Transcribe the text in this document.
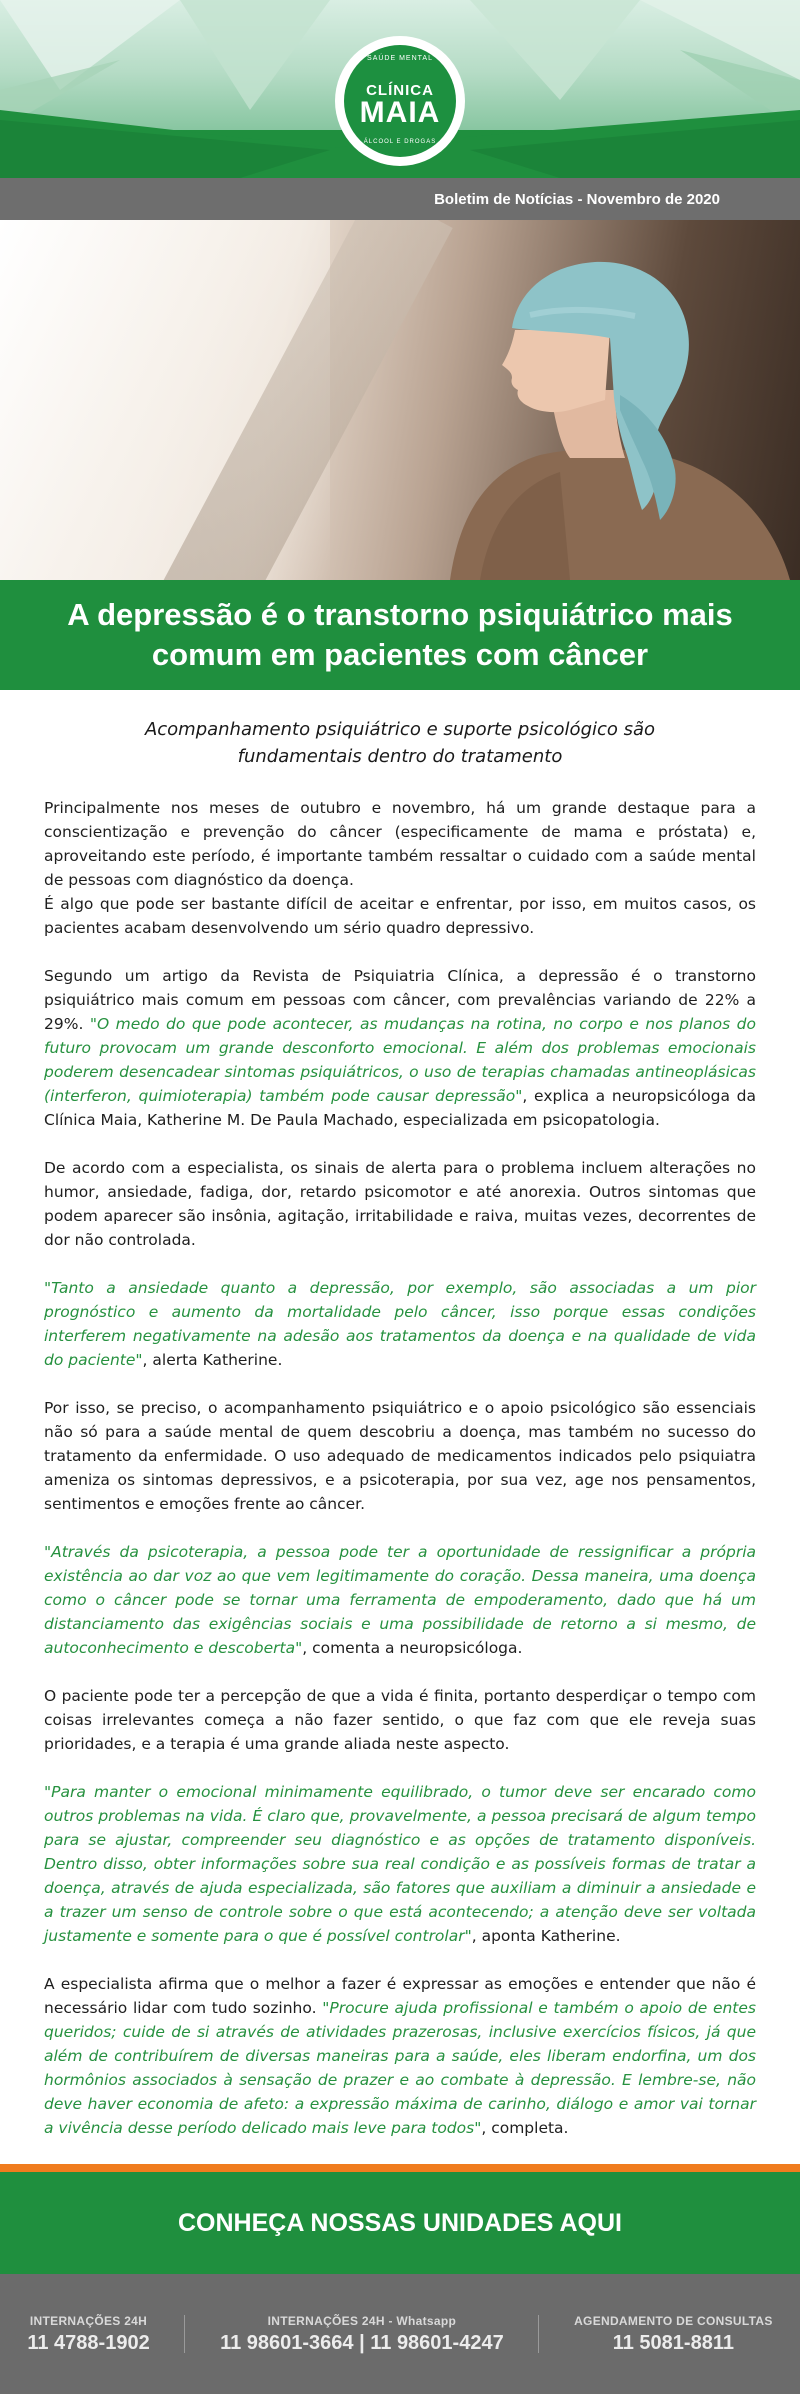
SAÚDE MENTAL
CLÍNICA
MAIA
ÁLCOOL E DROGAS
Boletim de Notícias - Novembro de 2020
A depressão é o transtorno psiquiátrico mais comum em pacientes com câncer

Acompanhamento psiquiátrico e suporte psicológico são fundamentais dentro do tratamento

Principalmente nos meses de outubro e novembro, há um grande destaque para a conscientização e prevenção do câncer (especificamente de mama e próstata) e, aproveitando este período, é importante também ressaltar o cuidado com a saúde mental de pessoas com diagnóstico da doença.
É algo que pode ser bastante difícil de aceitar e enfrentar, por isso, em muitos casos, os pacientes acabam desenvolvendo um sério quadro depressivo.

Segundo um artigo da Revista de Psiquiatria Clínica, a depressão é o transtorno psiquiátrico mais comum em pessoas com câncer, com prevalências variando de 22% a 29%. "O medo do que pode acontecer, as mudanças na rotina, no corpo e nos planos do futuro provocam um grande desconforto emocional. E além dos problemas emocionais poderem desencadear sintomas psiquiátricos, o uso de terapias chamadas antineoplásicas (interferon, quimioterapia) também pode causar depressão", explica a neuropsicóloga da Clínica Maia, Katherine M. De Paula Machado, especializada em psicopatologia.

De acordo com a especialista, os sinais de alerta para o problema incluem alterações no humor, ansiedade, fadiga, dor, retardo psicomotor e até anorexia. Outros sintomas que podem aparecer são insônia, agitação, irritabilidade e raiva, muitas vezes, decorrentes de dor não controlada.

"Tanto a ansiedade quanto a depressão, por exemplo, são associadas a um pior prognóstico e aumento da mortalidade pelo câncer, isso porque essas condições interferem negativamente na adesão aos tratamentos da doença e na qualidade de vida do paciente", alerta Katherine.

Por isso, se preciso, o acompanhamento psiquiátrico e o apoio psicológico são essenciais não só para a saúde mental de quem descobriu a doença, mas também no sucesso do tratamento da enfermidade. O uso adequado de medicamentos indicados pelo psiquiatra ameniza os sintomas depressivos, e a psicoterapia, por sua vez, age nos pensamentos, sentimentos e emoções frente ao câncer.

"Através da psicoterapia, a pessoa pode ter a oportunidade de ressignificar a própria existência ao dar voz ao que vem legitimamente do coração. Dessa maneira, uma doença como o câncer pode se tornar uma ferramenta de empoderamento, dado que há um distanciamento das exigências sociais e uma possibilidade de retorno a si mesmo, de autoconhecimento e descoberta", comenta a neuropsicóloga.

O paciente pode ter a percepção de que a vida é finita, portanto desperdiçar o tempo com coisas irrelevantes começa a não fazer sentido, o que faz com que ele reveja suas prioridades, e a terapia é uma grande aliada neste aspecto.

"Para manter o emocional minimamente equilibrado, o tumor deve ser encarado como outros problemas na vida. É claro que, provavelmente, a pessoa precisará de algum tempo para se ajustar, compreender seu diagnóstico e as opções de tratamento disponíveis. Dentro disso, obter informações sobre sua real condição e as possíveis formas de tratar a doença, através de ajuda especializada, são fatores que auxiliam a diminuir a ansiedade e a trazer um senso de controle sobre o que está acontecendo; a atenção deve ser voltada justamente e somente para o que é possível controlar", aponta Katherine.

A especialista afirma que o melhor a fazer é expressar as emoções e entender que não é necessário lidar com tudo sozinho. "Procure ajuda profissional e também o apoio de entes queridos; cuide de si através de atividades prazerosas, inclusive exercícios físicos, já que além de contribuírem de diversas maneiras para a saúde, eles liberam endorfina, um dos hormônios associados à sensação de prazer e ao combate à depressão. E lembre-se, não deve haver economia de afeto: a expressão máxima de carinho, diálogo e amor vai tornar a vivência desse período delicado mais leve para todos", completa.

CONHEÇA NOSSAS UNIDADES AQUI
INTERNAÇÕES 24H
11 4788-1902
INTERNAÇÕES 24H - Whatsapp
11 98601-3664 | 11 98601-4247
AGENDAMENTO DE CONSULTAS
11 5081-8811
